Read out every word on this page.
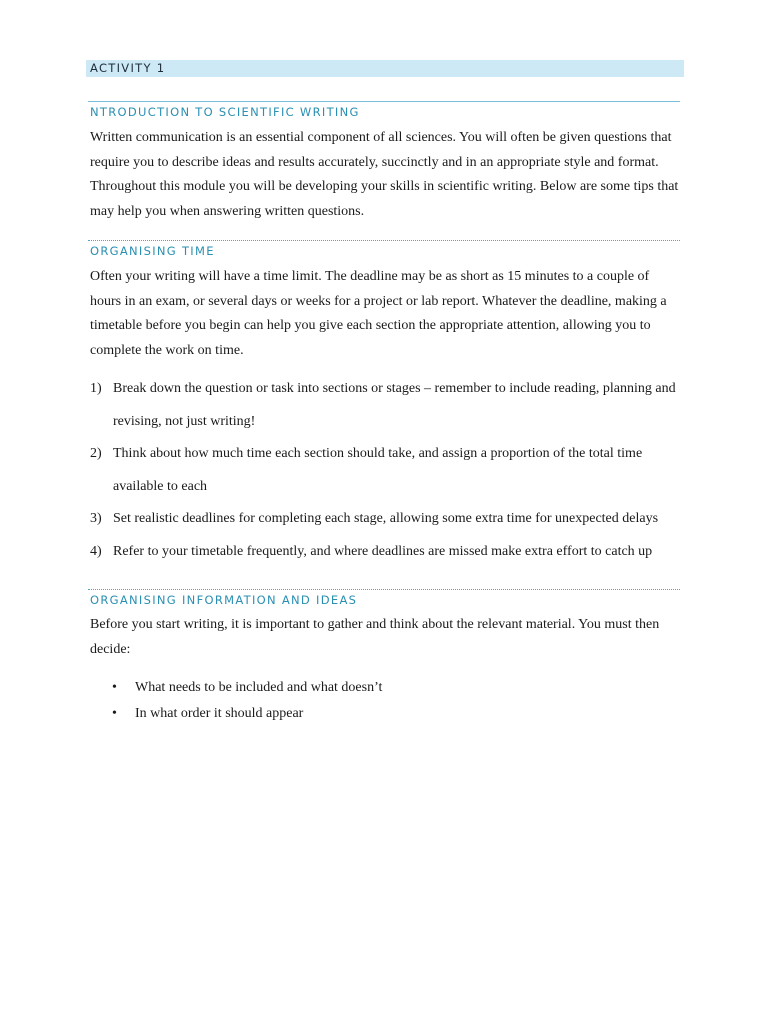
ACTIVITY 1
NTRODUCTION TO SCIENTIFIC WRITING

Written communication is an essential component of all sciences. You will often be given questions that require you to describe ideas and results accurately, succinctly and in an appropriate style and format. Throughout this module you will be developing your skills in scientific writing. Below are some tips that may help you when answering written questions.

ORGANISING TIME

Often your writing will have a time limit. The deadline may be as short as 15 minutes to a couple of hours in an exam, or several days or weeks for a project or lab report. Whatever the deadline, making a timetable before you begin can help you give each section the appropriate attention, allowing you to complete the work on time.

1) Break down the question or task into sections or stages – remember to include reading, planning and revising, not just writing!
2) Think about how much time each section should take, and assign a proportion of the total time available to each
3) Set realistic deadlines for completing each stage, allowing some extra time for unexpected delays
4) Refer to your timetable frequently, and where deadlines are missed make extra effort to catch up
ORGANISING INFORMATION AND IDEAS

Before you start writing, it is important to gather and think about the relevant material. You must then decide:

• What needs to be included and what doesn’t
• In what order it should appear
